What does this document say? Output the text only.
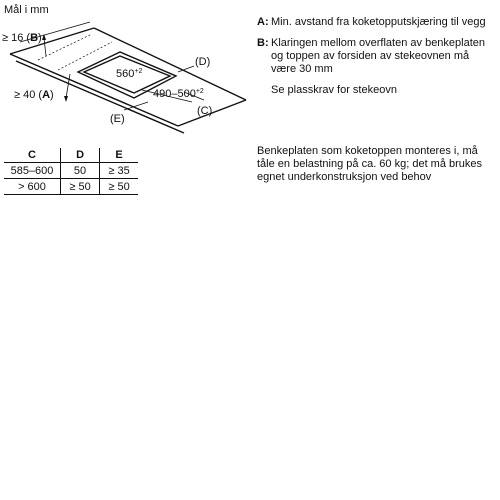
Mål i mm
≥ 16 (B)
≥ 40 (A)
(D)
(C)
(E)
$560^{+2}$
$490-500^{+2}$
C	D	E
585–600	50	≥ 35
> 600	≥ 50	≥ 50
A: Min. avstand fra koketopputskjæring til vegg
B: Klaringen mellom overflaten av benkeplaten og toppen av forsiden av stekeovnen må være 30 mm
Se plasskrav for stekeovn
Benkeplaten som koketoppen monteres i, må tåle en belastning på ca. 60 kg; det må brukes egnet underkonstruksjon ved behov
